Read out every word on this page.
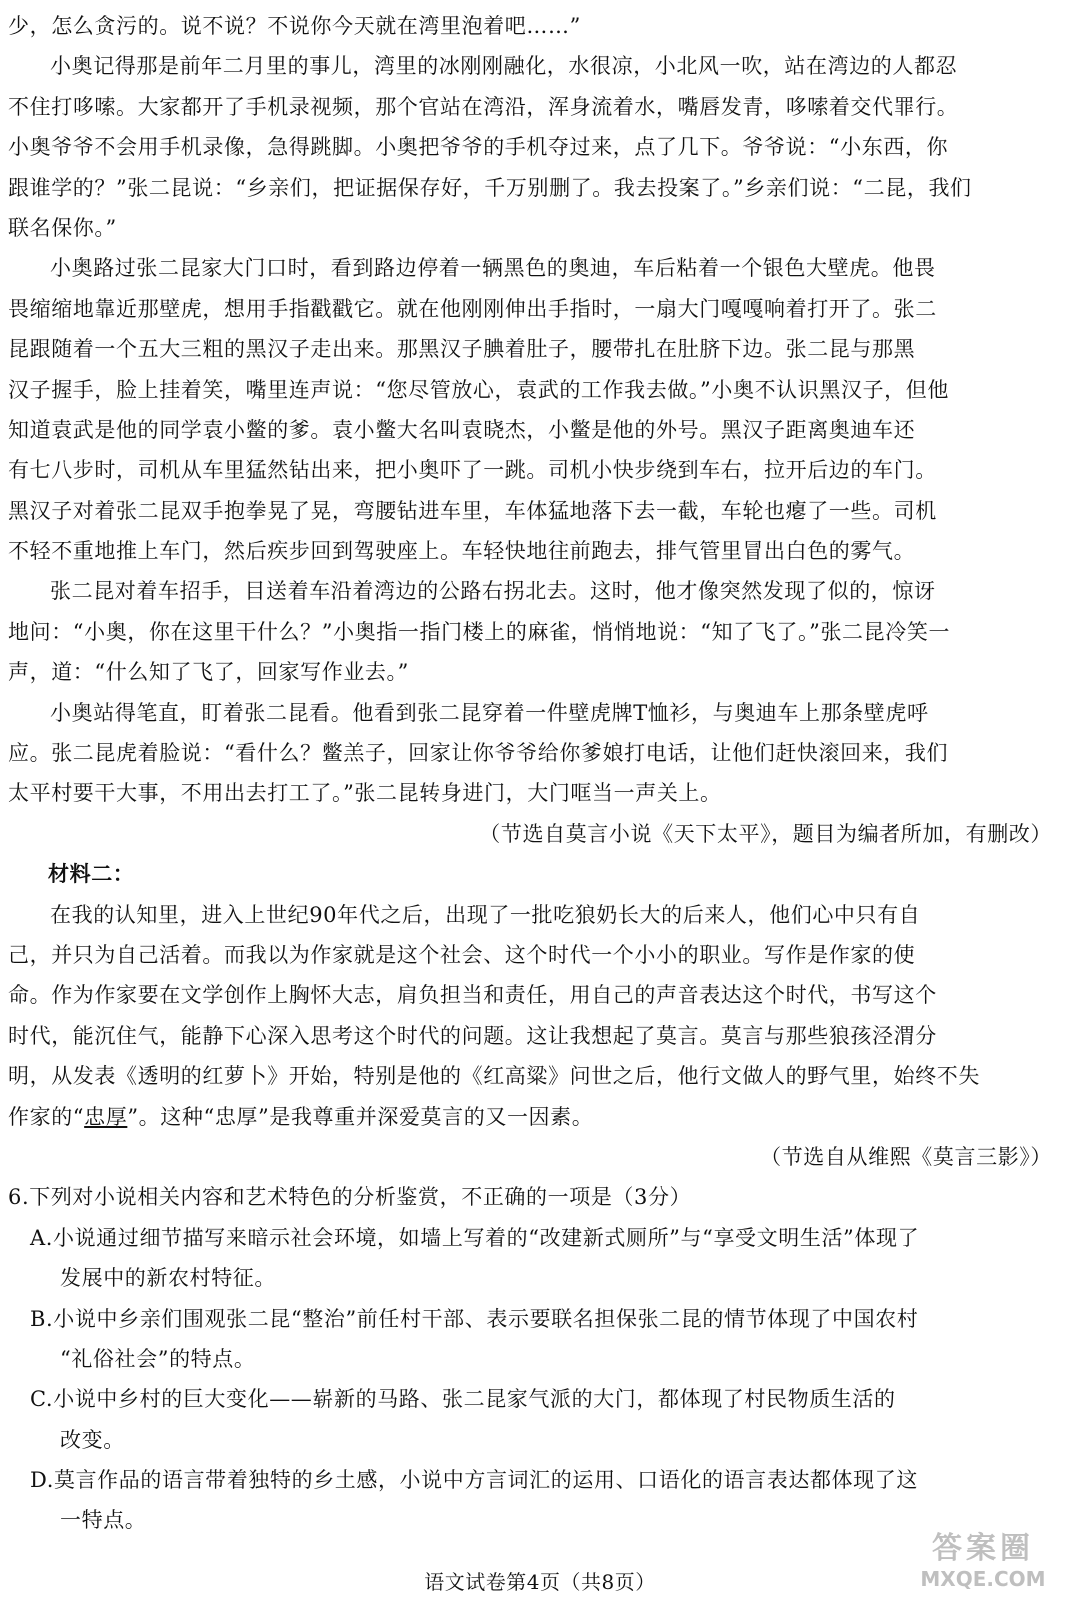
少，怎么贪污的。说不说？不说你今天就在湾里泡着吧……”
小奥记得那是前年二月里的事儿，湾里的冰刚刚融化，水很凉，小北风一吹，站在湾边的人都忍
不住打哆嗦。大家都开了手机录视频，那个官站在湾沿，浑身流着水，嘴唇发青，哆嗦着交代罪行。
小奥爷爷不会用手机录像，急得跳脚。小奥把爷爷的手机夺过来，点了几下。爷爷说：“小东西，你
跟谁学的？”张二昆说：“乡亲们，把证据保存好，千万别删了。我去投案了。”乡亲们说：“二昆，我们
联名保你。”
小奥路过张二昆家大门口时，看到路边停着一辆黑色的奥迪，车后粘着一个银色大壁虎。他畏
畏缩缩地靠近那壁虎，想用手指戳戳它。就在他刚刚伸出手指时，一扇大门嘎嘎响着打开了。张二
昆跟随着一个五大三粗的黑汉子走出来。那黑汉子腆着肚子，腰带扎在肚脐下边。张二昆与那黑
汉子握手，脸上挂着笑，嘴里连声说：“您尽管放心，袁武的工作我去做。”小奥不认识黑汉子，但他
知道袁武是他的同学袁小鳖的爹。袁小鳖大名叫袁晓杰，小鳖是他的外号。黑汉子距离奥迪车还
有七八步时，司机从车里猛然钻出来，把小奥吓了一跳。司机小快步绕到车右，拉开后边的车门。
黑汉子对着张二昆双手抱拳晃了晃，弯腰钻进车里，车体猛地落下去一截，车轮也瘪了一些。司机
不轻不重地推上车门，然后疾步回到驾驶座上。车轻快地往前跑去，排气管里冒出白色的雾气。
张二昆对着车招手，目送着车沿着湾边的公路右拐北去。这时，他才像突然发现了似的，惊讶
地问：“小奥，你在这里干什么？”小奥指一指门楼上的麻雀，悄悄地说：“知了飞了。”张二昆冷笑一
声，道：“什么知了飞了，回家写作业去。”
小奥站得笔直，盯着张二昆看。他看到张二昆穿着一件壁虎牌T恤衫，与奥迪车上那条壁虎呼
应。张二昆虎着脸说：“看什么？鳖羔子，回家让你爷爷给你爹娘打电话，让他们赶快滚回来，我们
太平村要干大事，不用出去打工了。”张二昆转身进门，大门哐当一声关上。
（节选自莫言小说《天下太平》，题目为编者所加，有删改）
材料二：
在我的认知里，进入上世纪90年代之后，出现了一批吃狼奶长大的后来人，他们心中只有自
己，并只为自己活着。而我以为作家就是这个社会、这个时代一个小小的职业。写作是作家的使
命。作为作家要在文学创作上胸怀大志，肩负担当和责任，用自己的声音表达这个时代，书写这个
时代，能沉住气，能静下心深入思考这个时代的问题。这让我想起了莫言。莫言与那些狼孩泾渭分
明，从发表《透明的红萝卜》开始，特别是他的《红高粱》问世之后，他行文做人的野气里，始终不失
作家的“忠厚”。这种“忠厚”是我尊重并深爱莫言的又一因素。
（节选自从维熙《莫言三影》）
6.下列对小说相关内容和艺术特色的分析鉴赏，不正确的一项是（3分）
A.小说通过细节描写来暗示社会环境，如墙上写着的“改建新式厕所”与“享受文明生活”体现了
发展中的新农村特征。
B.小说中乡亲们围观张二昆“整治”前任村干部、表示要联名担保张二昆的情节体现了中国农村
“礼俗社会”的特点。
C.小说中乡村的巨大变化——崭新的马路、张二昆家气派的大门，都体现了村民物质生活的
改变。
D.莫言作品的语言带着独特的乡土感，小说中方言词汇的运用、口语化的语言表达都体现了这
一特点。
语文试卷第4页（共8页）
答案圈
MXQE.COM
